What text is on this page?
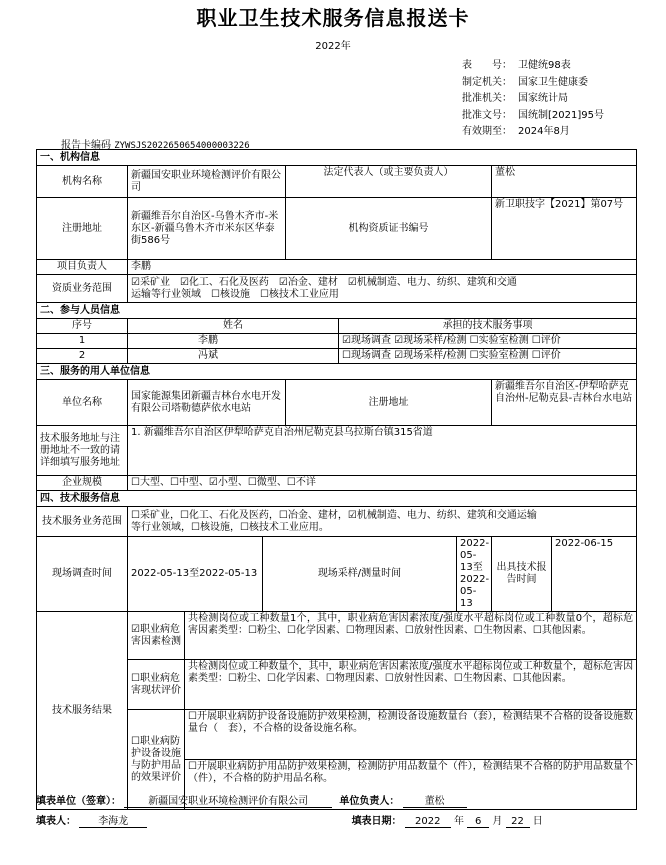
职业卫生技术服务信息报送卡
2022年
表　　号： 卫健统98表
制定机关： 国家卫生健康委
批准机关： 国家统计局
批准文号： 国统制[2021]95号
有效期至： 2024年8月
报告卡编码 ZYWSJS2022650654000003226
一、机构信息								
机构名称	新疆国安职业环境检测评价有限公司			法定代表人（或主要负责人）			董松	
注册地址	新疆维吾尔自治区-乌鲁木齐市-米东区-新疆乌鲁木齐市米东区华泰街586号			机构资质证书编号			新卫职技字【2021】第07号	
项目负责人	李鹏							
资质业务范围	☑采矿业　☑化工、石化及医药　☑冶金、建材　☑机械制造、电力、纺织、建筑和交通
运输等行业领域　☐核设施　☐核技术工业应用							

二、参与人员信息								
序号	姓名				承担的技术服务事项			
1	李鹏				☑现场调查 ☑现场采样/检测 ☐实验室检测 ☐评价			
2	冯斌				☐现场调查 ☑现场采样/检测 ☐实验室检测 ☐评价			
三、服务的用人单位信息								
单位名称	国家能源集团新疆吉林台水电开发有限公司塔勒德萨依水电站			注册地址			新疆维吾尔自治区-伊犁哈萨克自治州-尼勒克县-吉林台水电站	
技术服务地址与注册地址不一致的请详细填写服务地址	1. 新疆维吾尔自治区伊犁哈萨克自治州尼勒克县乌拉斯台镇315省道							
企业规模	☐大型、☐中型、☑小型、☐微型、☐不详							
四、技术服务信息								
技术服务业务范围	☐采矿业，☐化工、石化及医药，☐冶金、建材，☑机械制造、电力、纺织、建筑和交通运输
等行业领域，☐核设施，☐核技术工业应用。							

现场调查时间	2022-05-13至2022-05-13		现场采样/测量时间			2022-05-13至2022-05-13	出具技术报告时间	2022-06-15
技术服务结果	☑职业病危害因素检测	共检测岗位或工种数量1个，其中，职业病危害因素浓度/强度水平超标岗位或工种数量0个，超标危害因素类型：☐粉尘、☐化学因素、☐物理因素、☐放射性因素、☐生物因素、☐其他因素。						
	☐职业病危害现状评价	共检测岗位或工种数量个，其中，职业病危害因素浓度/强度水平超标岗位或工种数量个，超标危害因素类型：☐粉尘、☐化学因素、☐物理因素、☐放射性因素、☐生物因素、☐其他因素。						
	☐职业病防护设备设施与防护用品的效果评价	☐开展职业病防护设备设施防护效果检测，检测设备设施数量台（套），检测结果不合格的设备设施数量台（　套），不合格的设备设施名称。						
		☐开展职业病防护用品防护效果检测，检测防护用品数量个（件），检测结果不合格的防护用品数量个（件），不合格的防护用品名称。						
填表单位（签章）：	新疆国安职业环境检测评价有限公司	单位负责人：	董松
填表人： 李海龙	填表日期： 2022 年 6 月 22 日
